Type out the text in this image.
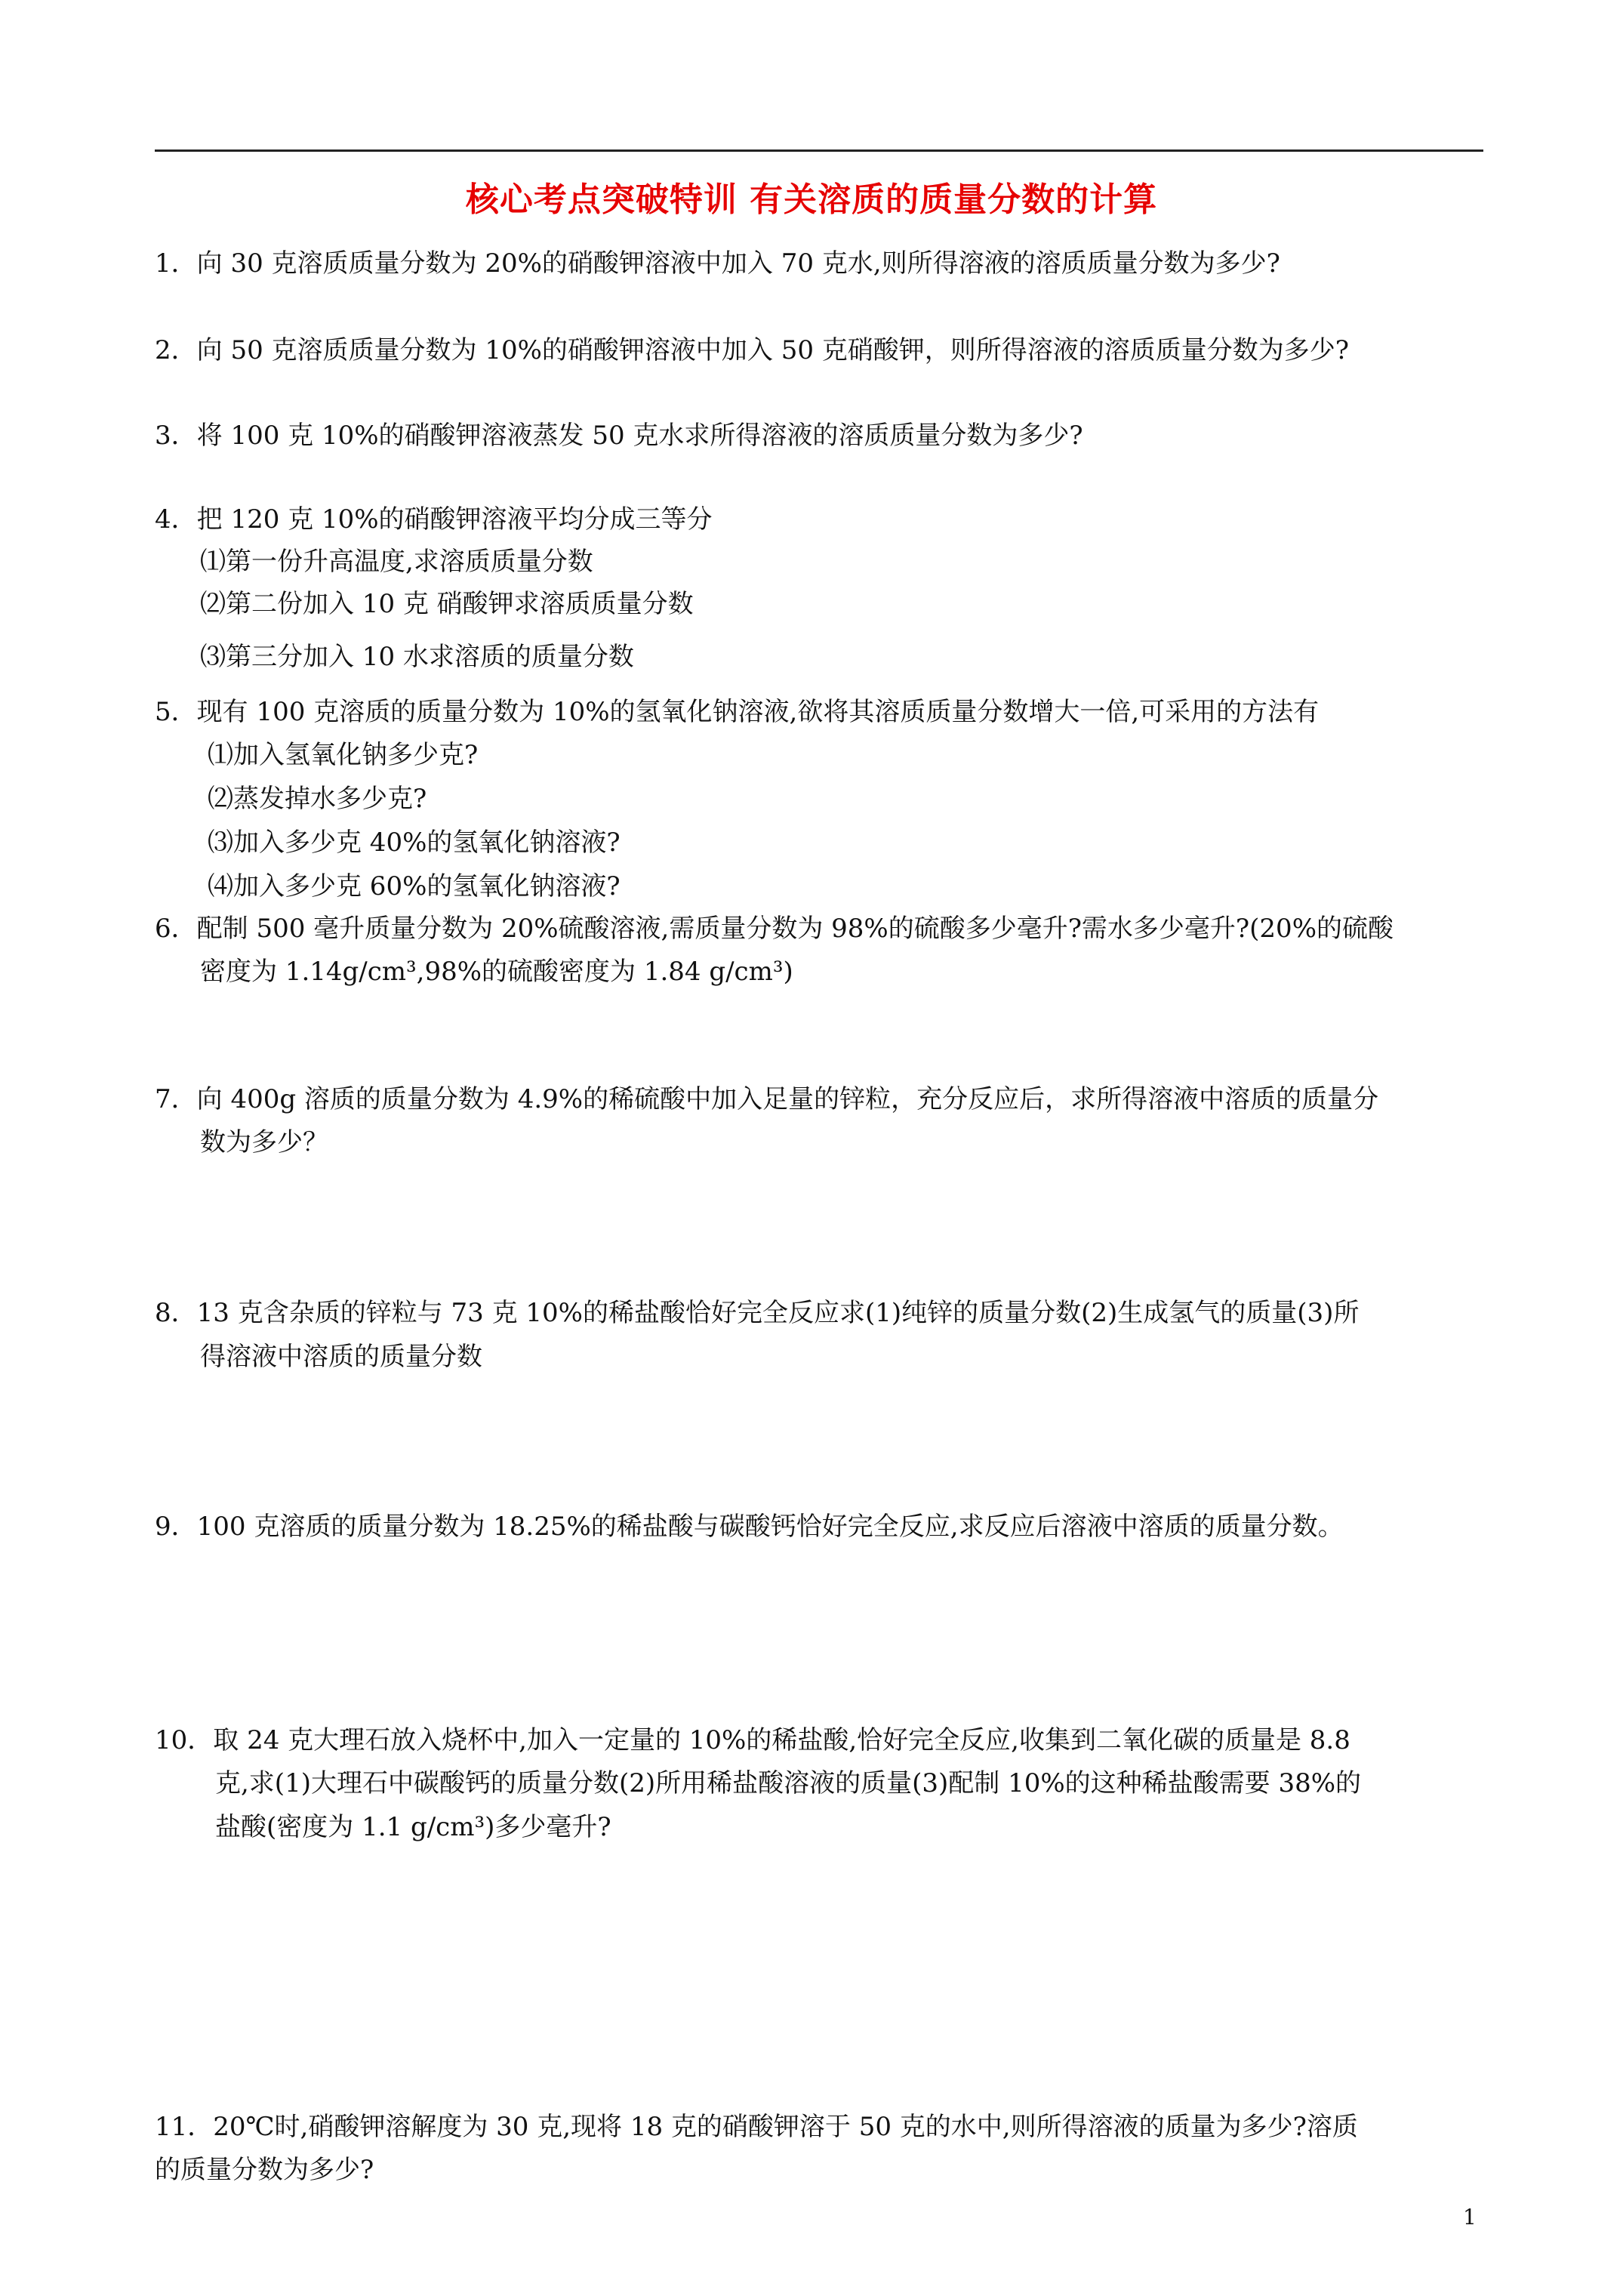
核心考点突破特训 有关溶质的质量分数的计算
1．向 30 克溶质质量分数为 20%的硝酸钾溶液中加入 70 克水,则所得溶液的溶质质量分数为多少?
2．向 50 克溶质质量分数为 10%的硝酸钾溶液中加入 50 克硝酸钾，则所得溶液的溶质质量分数为多少?
3．将 100 克 10%的硝酸钾溶液蒸发 50 克水求所得溶液的溶质质量分数为多少?
4．把 120 克 10%的硝酸钾溶液平均分成三等分
⑴第一份升高温度,求溶质质量分数
⑵第二份加入 10 克 硝酸钾求溶质质量分数
⑶第三分加入 10 水求溶质的质量分数
5．现有 100 克溶质的质量分数为 10%的氢氧化钠溶液,欲将其溶质质量分数增大一倍,可采用的方法有
⑴加入氢氧化钠多少克?
⑵蒸发掉水多少克?
⑶加入多少克 40%的氢氧化钠溶液?
⑷加入多少克 60%的氢氧化钠溶液?
6．配制 500 毫升质量分数为 20%硫酸溶液,需质量分数为 98%的硫酸多少毫升?需水多少毫升?(20%的硫酸
密度为 1.14g/cm³,98%的硫酸密度为 1.84 g/cm³)
7．向 400g 溶质的质量分数为 4.9%的稀硫酸中加入足量的锌粒，充分反应后，求所得溶液中溶质的质量分
数为多少？
8．13 克含杂质的锌粒与 73 克 10%的稀盐酸恰好完全反应求(1)纯锌的质量分数(2)生成氢气的质量(3)所
得溶液中溶质的质量分数
9．100 克溶质的质量分数为 18.25%的稀盐酸与碳酸钙恰好完全反应,求反应后溶液中溶质的质量分数。
10．取 24 克大理石放入烧杯中,加入一定量的 10%的稀盐酸,恰好完全反应,收集到二氧化碳的质量是 8.8
克,求(1)大理石中碳酸钙的质量分数(2)所用稀盐酸溶液的质量(3)配制 10%的这种稀盐酸需要 38%的
盐酸(密度为 1.1 g/cm³)多少毫升?
11．20℃时,硝酸钾溶解度为 30 克,现将 18 克的硝酸钾溶于 50 克的水中,则所得溶液的质量为多少?溶质
的质量分数为多少?
1
